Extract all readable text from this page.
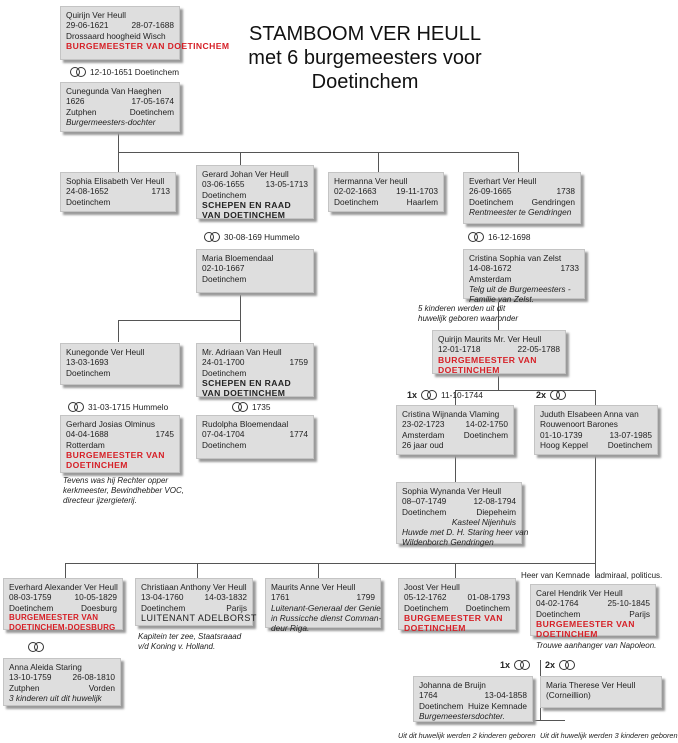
STAMBOOM VER HEULL
met 6 burgemeesters voor
Doetinchem
Quirijn Ver Heull
29-06-1621	28-07-1688
Drossaard hoogheid Wisch
BURGEMEESTER VAN DOETINCHEM
12-10-1651 Doetinchem
Cunegunda Van Haeghen
1626	17-05-1674
Zutphen	Doetinchem
Burgermeesters-dochter
Sophia Elisabeth Ver Heull
24-08-1652	1713
Doetinchem
Gerard Johan Ver Heull
03-06-1655	13-05-1713
Doetinchem
SCHEPEN EN RAAD VAN DOETINCHEM
30-08-169 Hummelo
Maria Bloemendaal
02-10-1667
Doetinchem
Hermanna Ver heull
02-02-1663 19-11-1703
Doetinchem	Haarlem
Everhart Ver Heull
26-09-1665	1738
Doetinchem Gendringen
Rentmeester te Gendringen
16-12-1698
Cristina Sophia van Zelst
14-08-1672	1733
Amsterdam
Telg uit de Burgemeesters -
Familie van Zelst.
5 kinderen werden uit dit
huwelijk geboren waaronder
Quirijn Maurits Mr. Ver Heull
12-01-1718	22-05-1788
BURGEMEESTER VAN DOETINCHEM
Kunegonde Ver Heull
13-03-1693
Doetinchem
31-03-1715 Hummelo
Gerhard Josias Olminus
04-04-1688	1745
Rotterdam
BURGEMEESTER VAN DOETINCHEM
Tevens was hij Rechter opper
kerkmeester, Bewindhebber VOC,
directeur ijzergieterij.
Mr. Adriaan Van Heull
24-01-1700	1759
Doetinchem
SCHEPEN EN RAAD VAN DOETINCHEM
1735
Rudolpha Bloemendaal
07-04-1704	1774
Doetinchem
1x	11-10-1744
Cristina Wijnanda Vlaming
23-02-1723	14-02-1750
Amsterdam Doetinchem
26 jaar oud
2x
Juduth Elsabeen Anna van
Rouwenoort Barones
01-10-1739	13-07-1985
Hoog Keppel Doetinchem
Sophia Wynanda Ver Heull
08–07-1749	12-08-1794
Doetinchem	Diepeheim
Kasteel Nijenhuis
Huwde met D. H. Staring heer van
Wildenborch Gendringen
Everhard Alexander Ver Heull
08-03-1759	10-05-1829
Doetinchem	Doesburg
BURGEMEESTER VAN DOETINCHEM-DOESBURG
Anna Aleida Staring
13-10-1759	26-08-1810
Zutphen	Vorden
3 kinderen uit dit huwelijk
Christiaan Anthony Ver Heull
13-04-1760	14-03-1832
Doetinchem	Parijs
LUITENANT ADELBORST
Kapitein ter zee, Staatsraaad
v/d Koning v. Holland.
Maurits Anne Ver Heull
1761	1799
Luitenant-Generaal der Genie
in Russicche dienst Comman-
deur Riga.
Joost Ver Heull
05-12-1762	01-08-1793
Doetinchem Doetinchem
BURGEMEESTER VAN DOETINCHEM
Heer van Kemnade admiraal, politicus.
Carel Hendrik Ver Heull
04-02-1764	25-10-1845
Doetinchem	Parijs
BURGEMEESTER VAN DOETINCHEM
Trouwe aanhanger van Napoleon.
1x	2x
Johanna de Bruijn
1764	13-04-1858
Doetinchem Huize Kemnade
Burgemeestersdochter.
Maria Therese Ver Heull
(Corneillion)
Uit dit huwelijk werden 2 kinderen geboren Uit dit huwelijk werden 3 kinderen geboren
